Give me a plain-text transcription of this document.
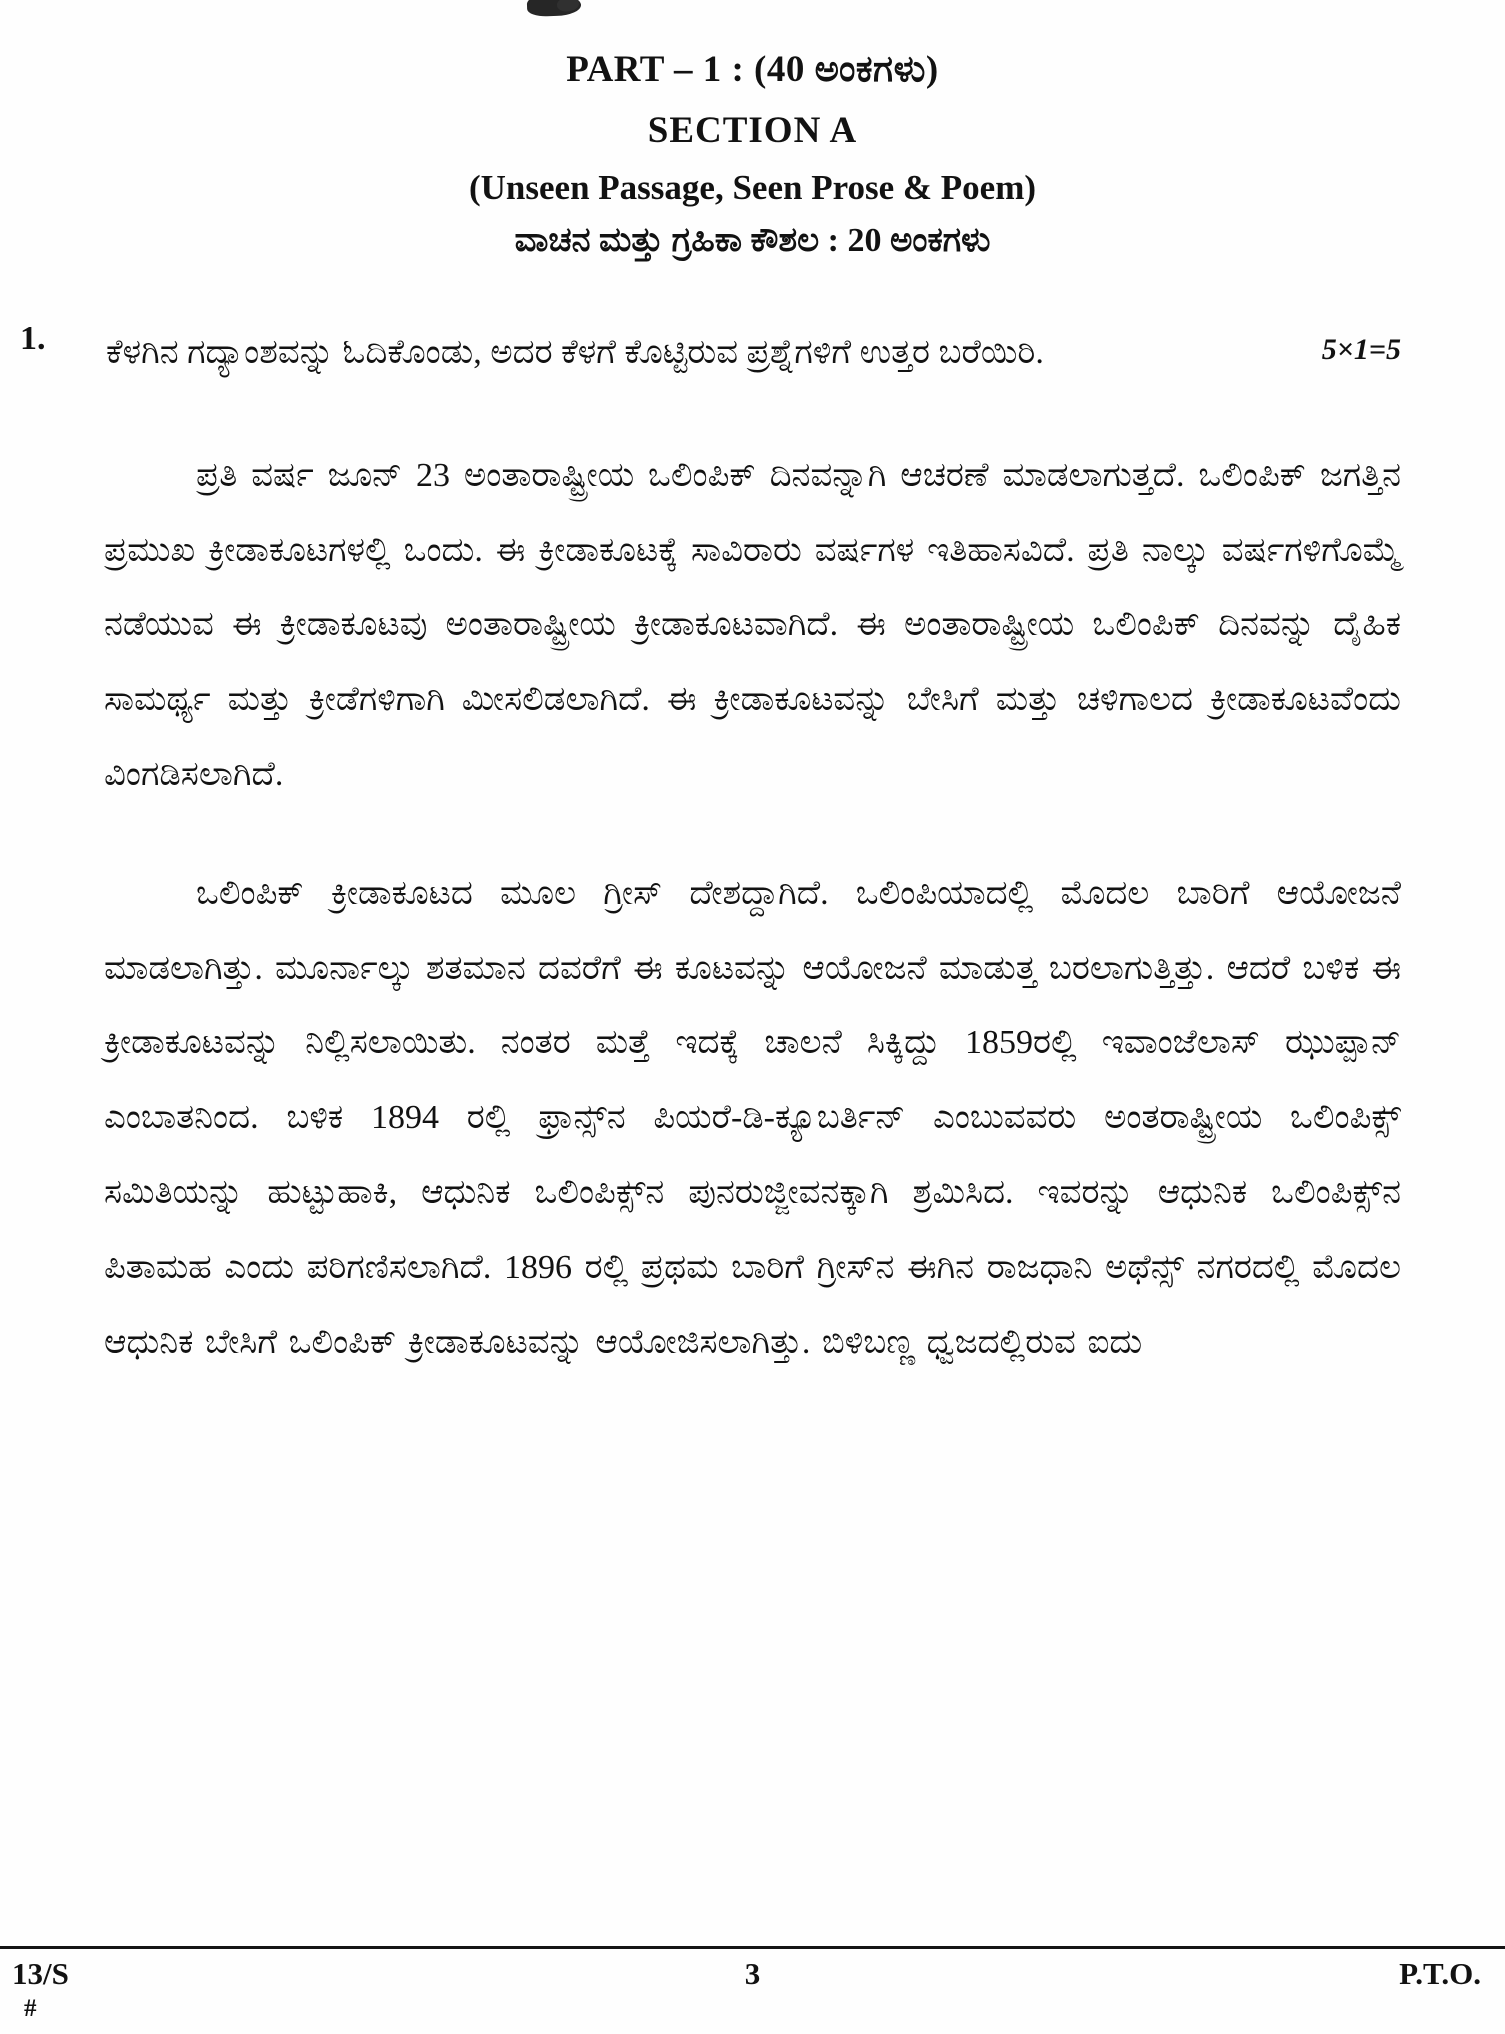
PART – 1 : (40 ಅಂಕಗಳು)
SECTION A
(Unseen Passage, Seen Prose & Poem)
ವಾಚನ ಮತ್ತು ಗ್ರಹಿಕಾ ಕೌಶಲ : 20 ಅಂಕಗಳು
1.	ಕೆಳಗಿನ ಗದ್ಯಾಂಶವನ್ನು ಓದಿಕೊಂಡು, ಅದರ ಕೆಳಗೆ ಕೊಟ್ಟಿರುವ ಪ್ರಶ್ನೆಗಳಿಗೆ ಉತ್ತರ ಬರೆಯಿರಿ.	5×1=5

ಪ್ರತಿ ವರ್ಷ ಜೂನ್ 23 ಅಂತಾರಾಷ್ಟ್ರೀಯ ಒಲಿಂಪಿಕ್ ದಿನವನ್ನಾಗಿ ಆಚರಣೆ ಮಾಡಲಾಗುತ್ತದೆ. ಒಲಿಂಪಿಕ್ ಜಗತ್ತಿನ ಪ್ರಮುಖ ಕ್ರೀಡಾಕೂಟಗಳಲ್ಲಿ ಒಂದು. ಈ ಕ್ರೀಡಾಕೂಟಕ್ಕೆ ಸಾವಿರಾರು ವರ್ಷಗಳ ಇತಿಹಾಸವಿದೆ. ಪ್ರತಿ ನಾಲ್ಕು ವರ್ಷಗಳಿಗೊಮ್ಮೆ ನಡೆಯುವ ಈ ಕ್ರೀಡಾಕೂಟವು ಅಂತಾರಾಷ್ಟ್ರೀಯ ಕ್ರೀಡಾಕೂಟವಾಗಿದೆ. ಈ ಅಂತಾರಾಷ್ಟ್ರೀಯ ಒಲಿಂಪಿಕ್ ದಿನವನ್ನು ದೈಹಿಕ ಸಾಮರ್ಥ್ಯ ಮತ್ತು ಕ್ರೀಡೆಗಳಿಗಾಗಿ ಮೀಸಲಿಡಲಾಗಿದೆ. ಈ ಕ್ರೀಡಾಕೂಟವನ್ನು ಬೇಸಿಗೆ ಮತ್ತು ಚಳಿಗಾಲದ ಕ್ರೀಡಾಕೂಟವೆಂದು ವಿಂಗಡಿಸಲಾಗಿದೆ.

ಒಲಿಂಪಿಕ್ ಕ್ರೀಡಾಕೂಟದ ಮೂಲ ಗ್ರೀಸ್ ದೇಶದ್ದಾಗಿದೆ. ಒಲಿಂಪಿಯಾದಲ್ಲಿ ಮೊದಲ ಬಾರಿಗೆ ಆಯೋಜನೆ ಮಾಡಲಾಗಿತ್ತು. ಮೂರ್ನಾಲ್ಕು ಶತಮಾನ ದವರೆಗೆ ಈ ಕೂಟವನ್ನು ಆಯೋಜನೆ ಮಾಡುತ್ತ ಬರಲಾಗುತ್ತಿತ್ತು. ಆದರೆ ಬಳಿಕ ಈ ಕ್ರೀಡಾಕೂಟವನ್ನು ನಿಲ್ಲಿಸಲಾಯಿತು. ನಂತರ ಮತ್ತೆ ಇದಕ್ಕೆ ಚಾಲನೆ ಸಿಕ್ಕಿದ್ದು 1859ರಲ್ಲಿ ಇವಾಂಜೆಲಾಸ್ ಝುಪ್ಪಾನ್ ಎಂಬಾತನಿಂದ. ಬಳಿಕ 1894 ರಲ್ಲಿ ಫ್ರಾನ್ಸ್‌ನ ಪಿಯರೆ-ಡಿ-ಕ್ಯೂಬರ್ತಿನ್ ಎಂಬುವವರು ಅಂತರಾಷ್ಟ್ರೀಯ ಒಲಿಂಪಿಕ್ಸ್ ಸಮಿತಿಯನ್ನು ಹುಟ್ಟುಹಾಕಿ, ಆಧುನಿಕ ಒಲಿಂಪಿಕ್ಸ್‌ನ ಪುನರುಜ್ಜೀವನಕ್ಕಾಗಿ ಶ್ರಮಿಸಿದ. ಇವರನ್ನು ಆಧುನಿಕ ಒಲಿಂಪಿಕ್ಸ್‌ನ ಪಿತಾಮಹ ಎಂದು ಪರಿಗಣಿಸಲಾಗಿದೆ. 1896 ರಲ್ಲಿ ಪ್ರಥಮ ಬಾರಿಗೆ ಗ್ರೀಸ್‌ನ ಈಗಿನ ರಾಜಧಾನಿ ಅಥೆನ್ಸ್ ನಗರದಲ್ಲಿ ಮೊದಲ ಆಧುನಿಕ ಬೇಸಿಗೆ ಒಲಿಂಪಿಕ್ ಕ್ರೀಡಾಕೂಟವನ್ನು ಆಯೋಜಿಸಲಾಗಿತ್ತು. ಬಿಳಿಬಣ್ಣ ಧ್ವಜದಲ್ಲಿರುವ ಐದು

13/S
#
3	P.T.O.
